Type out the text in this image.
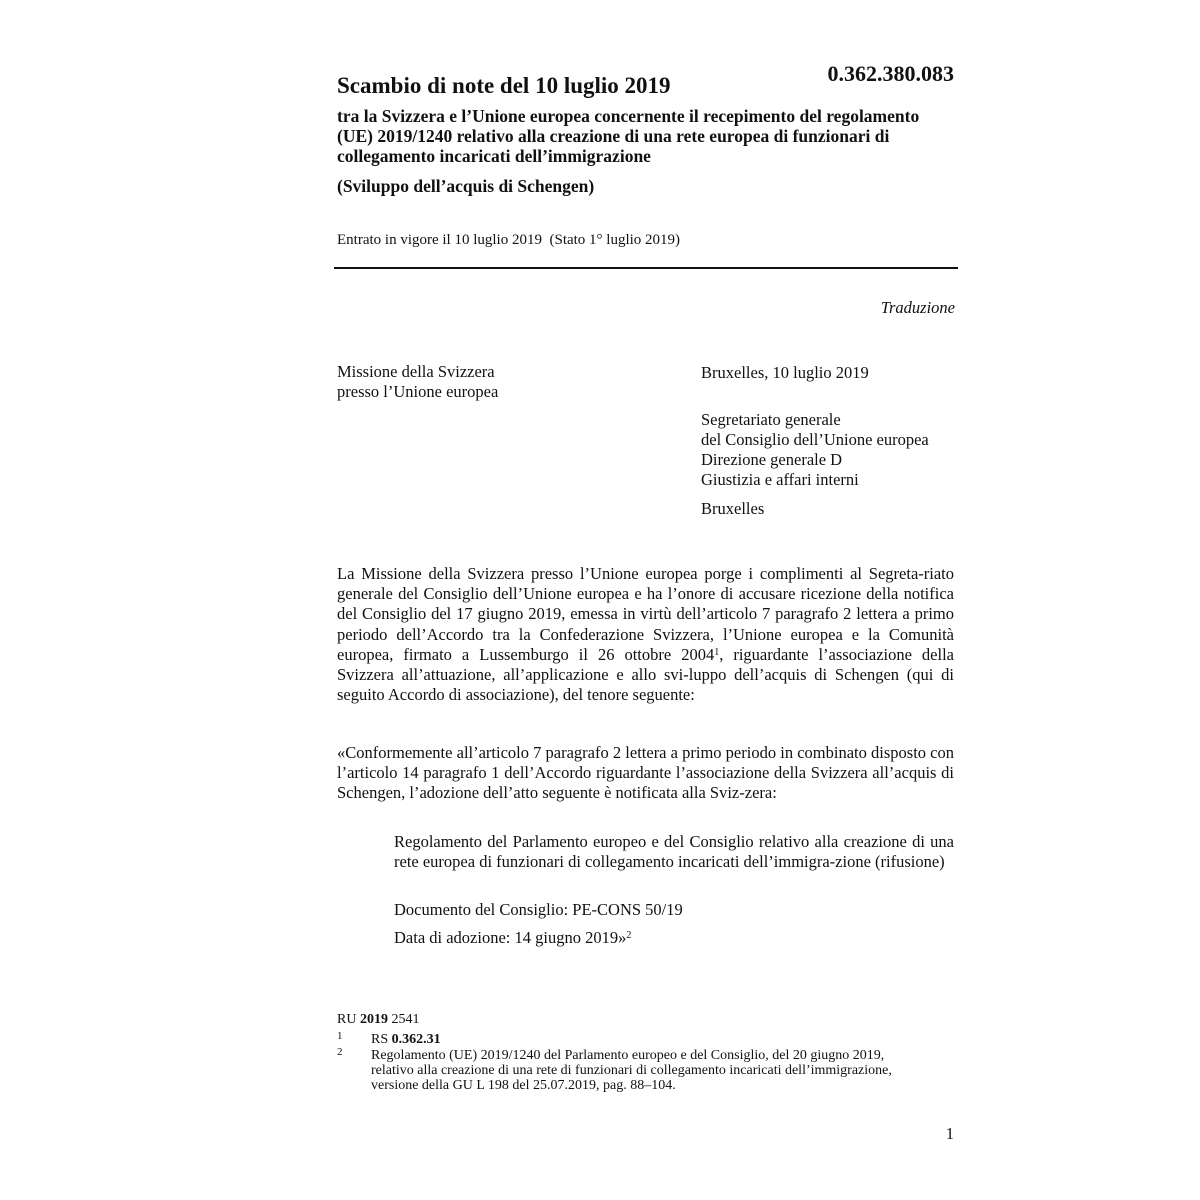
Scambio di note del 10 luglio 2019	0.362.380.083
tra la Svizzera e l’Unione europea concernente il recepimento del regolamento (UE) 2019/1240 relativo alla creazione di una rete europea di funzionari di collegamento incaricati dell’immigrazione
(Sviluppo dell’acquis di Schengen)
Entrato in vigore il 10 luglio 2019  (Stato 1° luglio 2019)
Traduzione
Missione della Svizzera
presso l’Unione europea
Bruxelles, 10 luglio 2019
Segretariato generale
del Consiglio dell’Unione europea
Direzione generale D
Giustizia e affari interni
Bruxelles

La Missione della Svizzera presso l’Unione europea porge i complimenti al Segreta-riato generale del Consiglio dell’Unione europea e ha l’onore di accusare ricezione della notifica del Consiglio del 17 giugno 2019, emessa in virtù dell’articolo 7 paragrafo 2 lettera a primo periodo dell’Accordo tra la Confederazione Svizzera, l’Unione europea e la Comunità europea, firmato a Lussemburgo il 26 ottobre 2004$^1$, riguardante l’associazione della Svizzera all’attuazione, all’applicazione e allo svi-luppo dell’acquis di Schengen (qui di seguito Accordo di associazione), del tenore seguente:

«Conformemente all’articolo 7 paragrafo 2 lettera a primo periodo in combinato disposto con l’articolo 14 paragrafo 1 dell’Accordo riguardante l’associazione della Svizzera all’acquis di Schengen, l’adozione dell’atto seguente è notificata alla Sviz-zera:

Regolamento del Parlamento europeo e del Consiglio relativo alla creazione di una rete europea di funzionari di collegamento incaricati dell’immigra-zione (rifusione)

Documento del Consiglio: PE-CONS 50/19

Data di adozione: 14 giugno 2019»$^2$

RU 2019 2541
1 RS 0.362.31
2 Regolamento (UE) 2019/1240 del Parlamento europeo e del Consiglio, del 20 giugno 2019, relativo alla creazione di una rete di funzionari di collegamento incaricati dell’immigrazione, versione della GU L 198 del 25.07.2019, pag. 88–104.
1
